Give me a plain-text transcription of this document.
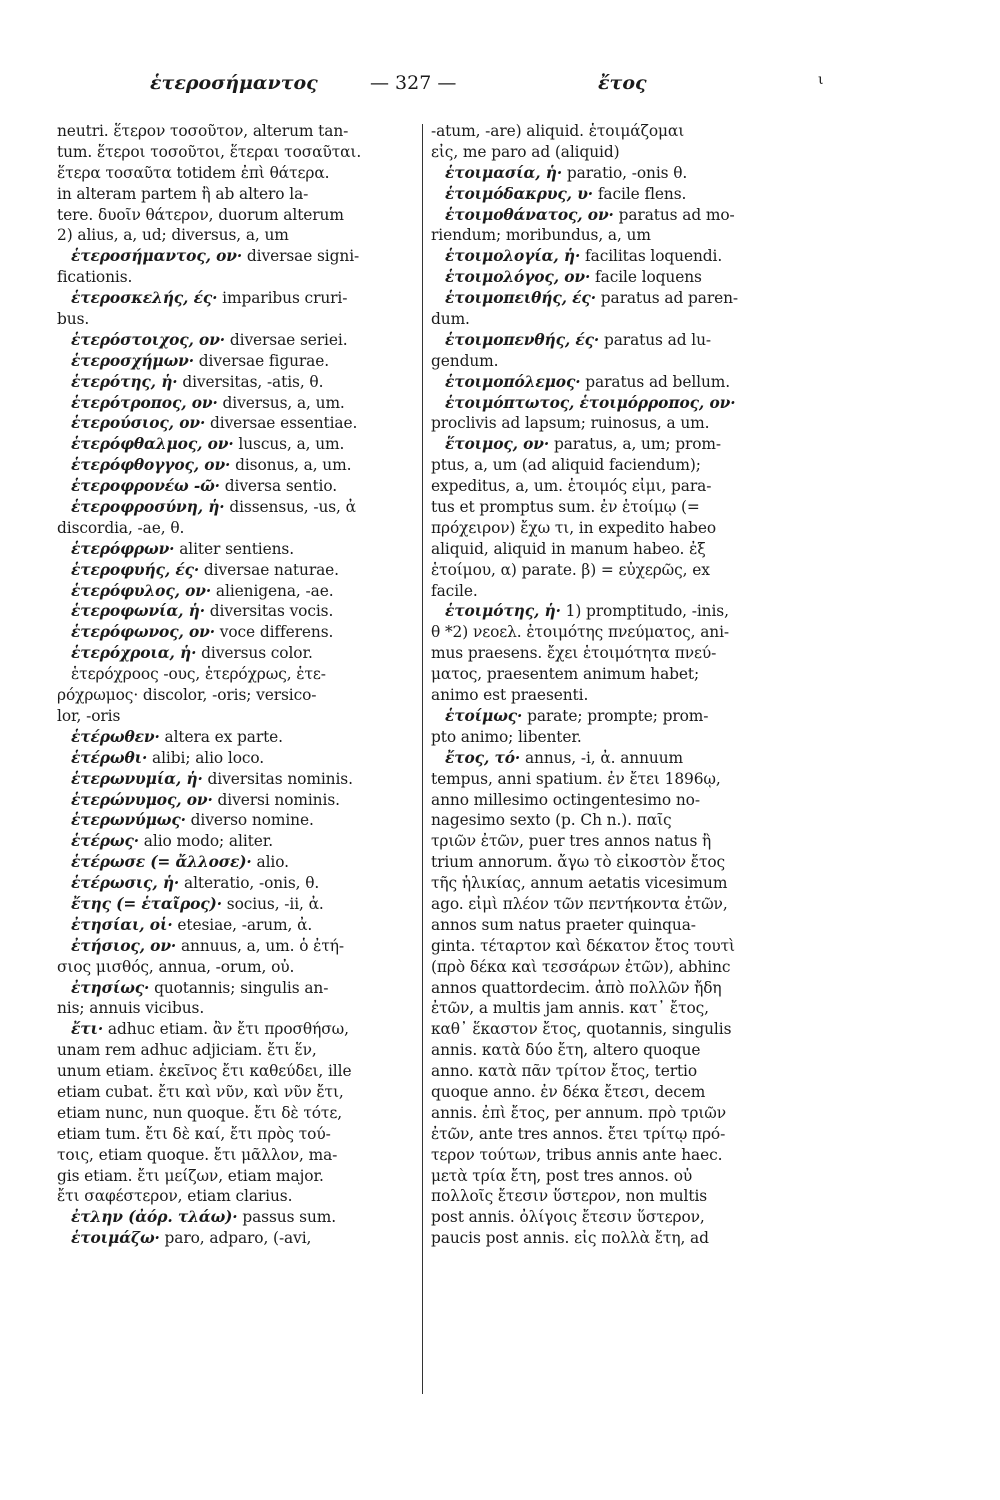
ἑτεροσήμαντος	— 327 —	ἔτος	ι
neutri. ἕτερον τοσοῦτον, alterum tan-
tum. ἕτεροι τοσοῦτοι, ἕτεραι τοσαῦται.
ἕτερα τοσαῦτα totidem ἐπὶ θάτερα.
in alteram partem ἢ ab altero la-
tere. δυοῖν θάτερον, duorum alterum
2) alius, a, ud; diversus, a, um
ἑτεροσήμαντος, ον· diversae signi-
ficationis.
ἑτεροσκελής, ές· imparibus cruri-
bus.
ἑτερόστοιχος, ον· diversae seriei.
ἑτεροσχήμων· diversae figurae.
ἑτερότης, ἡ· diversitas, -atis, θ.
ἑτερότροπος, ον· diversus, a, um.
ἑτερούσιος, ον· diversae essentiae.
ἑτερόφθαλμος, ον· luscus, a, um.
ἑτερόφθογγος, ον· disonus, a, um.
ἑτεροφρονέω -ῶ· diversa sentio.
ἑτεροφροσύνη, ἡ· dissensus, -us, ἀ
discordia, -ae, θ.
ἑτερόφρων· aliter sentiens.
ἑτεροφυής, ές· diversae naturae.
ἑτερόφυλος, ον· alienigena, -ae.
ἑτεροφωνία, ἡ· diversitas vocis.
ἑτερόφωνος, ον· voce differens.
ἑτερόχροια, ἡ· diversus color.
ἑτερόχροος -ους, ἑτερόχρως, ἑτε-
ρόχρωμος· discolor, -oris; versico-
lor, -oris
ἑτέρωθεν· altera ex parte.
ἑτέρωθι· alibi; alio loco.
ἑτερωνυμία, ἡ· diversitas nominis.
ἑτερώνυμος, ον· diversi nominis.
ἑτερωνύμως· diverso nomine.
ἑτέρως· alio modo; aliter.
ἑτέρωσε (= ἄλλοσε)· alio.
ἑτέρωσις, ἡ· alteratio, -onis, θ.
ἔτης (= ἑταῖρος)· socius, -ii, ἀ.
ἐτησίαι, οἱ· etesiae, -arum, ἀ.
ἐτήσιος, ον· annuus, a, um. ὁ ἐτή-
σιος μισθός, annua, -orum, οὐ.
ἐτησίως· quotannis; singulis an-
nis; annuis vicibus.
ἔτι· adhuc etiam. ἂν ἔτι προσθήσω,
unam rem adhuc adjiciam. ἔτι ἕν,
unum etiam. ἐκεῖνος ἔτι καθεύδει, ille
etiam cubat. ἔτι καὶ νῦν, καὶ νῦν ἔτι,
etiam nunc, nun quoque. ἔτι δὲ τότε,
etiam tum. ἔτι δὲ καί, ἔτι πρὸς τού-
τοις, etiam quoque. ἔτι μᾶλλον, ma-
gis etiam. ἔτι μείζων, etiam major.
ἔτι σαφέστερον, etiam clarius.
ἐτλην (ἀόρ. τλάω)· passus sum.
ἑτοιμάζω· paro, adparo, (-avi,
-atum, -are) aliquid. ἑτοιμάζομαι
εἰς, me paro ad (aliquid)
ἑτοιμασία, ἡ· paratio, -onis θ.
ἑτοιμόδακρυς, υ· facile flens.
ἑτοιμοθάνατος, ον· paratus ad mo-
riendum; moribundus, a, um
ἑτοιμολογία, ἡ· facilitas loquendi.
ἑτοιμολόγος, ον· facile loquens
ἑτοιμοπειθής, ές· paratus ad paren-
dum.
ἑτοιμοπενθής, ές· paratus ad lu-
gendum.
ἑτοιμοπόλεμος· paratus ad bellum.
ἑτοιμόπτωτος, ἑτοιμόρροπος, ον·
proclivis ad lapsum; ruinosus, a um.
ἕτοιμος, ον· paratus, a, um; prom-
ptus, a, um (ad aliquid faciendum);
expeditus, a, um. ἑτοιμός εἰμι, para-
tus et promptus sum. ἐν ἑτοίμῳ (=
πρόχειρον) ἔχω τι, in expedito habeo
aliquid, aliquid in manum habeo. ἐξ
ἑτοίμου, α) parate. β) = εὐχερῶς, ex
facile.
ἑτοιμότης, ἡ· 1) promptitudo, -inis,
θ *2) νεοελ. ἑτοιμότης πνεύματος, ani-
mus praesens. ἔχει ἑτοιμότητα πνεύ-
ματος, praesentem animum habet;
animo est praesenti.
ἑτοίμως· parate; prompte; prom-
pto animo; libenter.
ἔτος, τό· annus, -i, ἀ. annuum
tempus, anni spatium. ἐν ἔτει 1896ῳ,
anno millesimo octingentesimo no-
nagesimo sexto (p. Ch n.). παῖς
τριῶν ἐτῶν, puer tres annos natus ἢ
trium annorum. ἄγω τὸ εἰκοστὸν ἔτος
τῆς ἡλικίας, annum aetatis vicesimum
ago. εἰμὶ πλέον τῶν πεντήκοντα ἐτῶν,
annos sum natus praeter quinqua-
ginta. τέταρτον καὶ δέκατον ἔτος τουτὶ
(πρὸ δέκα καὶ τεσσάρων ἐτῶν), abhinc
annos quattordecim. ἀπὸ πολλῶν ἤδη
ἐτῶν, a multis jam annis. κατ᾽ ἔτος,
καθ᾽ ἕκαστον ἔτος, quotannis, singulis
annis. κατὰ δύο ἔτη, altero quoque
anno. κατὰ πᾶν τρίτον ἔτος, tertio
quoque anno. ἐν δέκα ἔτεσι, decem
annis. ἐπὶ ἔτος, per annum. πρὸ τριῶν
ἐτῶν, ante tres annos. ἔτει τρίτῳ πρό-
τερον τούτων, tribus annis ante haec.
μετὰ τρία ἔτη, post tres annos. οὐ
πολλοῖς ἔτεσιν ὕστερον, non multis
post annis. ὀλίγοις ἔτεσιν ὕστερον,
paucis post annis. εἰς πολλὰ ἔτη, ad
